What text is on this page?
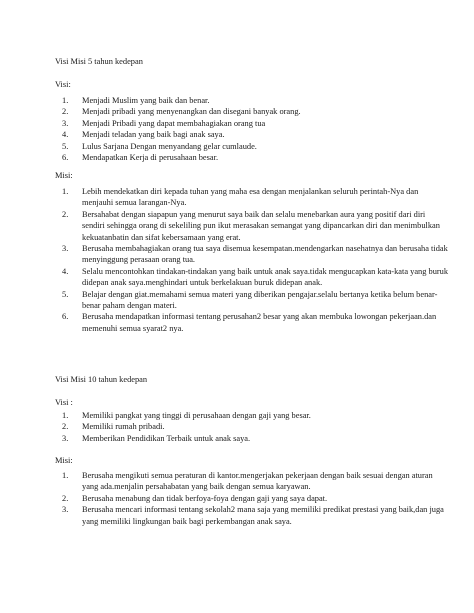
Visi Misi 5 tahun kedepan
Visi:
1.	Menjadi Muslim yang baik dan benar.
2.	Menjadi pribadi yang menyenangkan dan disegani banyak orang.
3.	Menjadi Pribadi yang dapat membahagiakan orang tua
4.	Menjadi teladan yang baik bagi anak saya.
5.	Lulus Sarjana Dengan menyandang gelar cumlaude.
6.	Mendapatkan Kerja di perusahaan besar.
Misi:
1.	Lebih mendekatkan diri kepada tuhan yang maha esa dengan menjalankan seluruh perintah-Nya dan menjauhi semua larangan-Nya.
2.	Bersahabat dengan siapapun yang menurut saya baik dan selalu menebarkan aura yang positif dari diri sendiri sehingga orang di sekeliling pun ikut merasakan semangat yang dipancarkan diri dan menimbulkan kekuatanbatin dan sifat kebersamaan yang erat.
3.	Berusaha membahagiakan orang tua saya disemua kesempatan.mendengarkan nasehatnya dan berusaha tidak menyinggung perasaan orang tua.
4.	Selalu mencontohkan tindakan-tindakan yang baik untuk anak saya.tidak mengucapkan kata-kata yang buruk didepan anak saya.menghindari untuk berkelakuan buruk didepan anak.
5.	Belajar dengan giat.memahami semua materi yang diberikan pengajar.selalu bertanya ketika belum benar-benar paham dengan materi.
6.	Berusaha mendapatkan informasi tentang perusahan2 besar yang akan membuka lowongan pekerjaan.dan memenuhi semua syarat2 nya.
Visi Misi 10 tahun kedepan
Visi :
1.	Memiliki pangkat yang tinggi di perusahaan dengan gaji yang besar.
2.	Memiliki rumah pribadi.
3.	Memberikan Pendidikan Terbaik untuk anak saya.
Misi:
1.	Berusaha mengikuti semua peraturan di kantor.mengerjakan pekerjaan dengan baik sesuai dengan aturan yang ada.menjalin persahabatan yang baik dengan semua karyawan.
2.	Berusaha menabung dan tidak berfoya-foya dengan gaji yang saya dapat.
3.	Berusaha mencari informasi tentang sekolah2 mana saja yang memiliki predikat prestasi yang baik,dan juga yang memiliki lingkungan baik bagi perkembangan anak saya.
